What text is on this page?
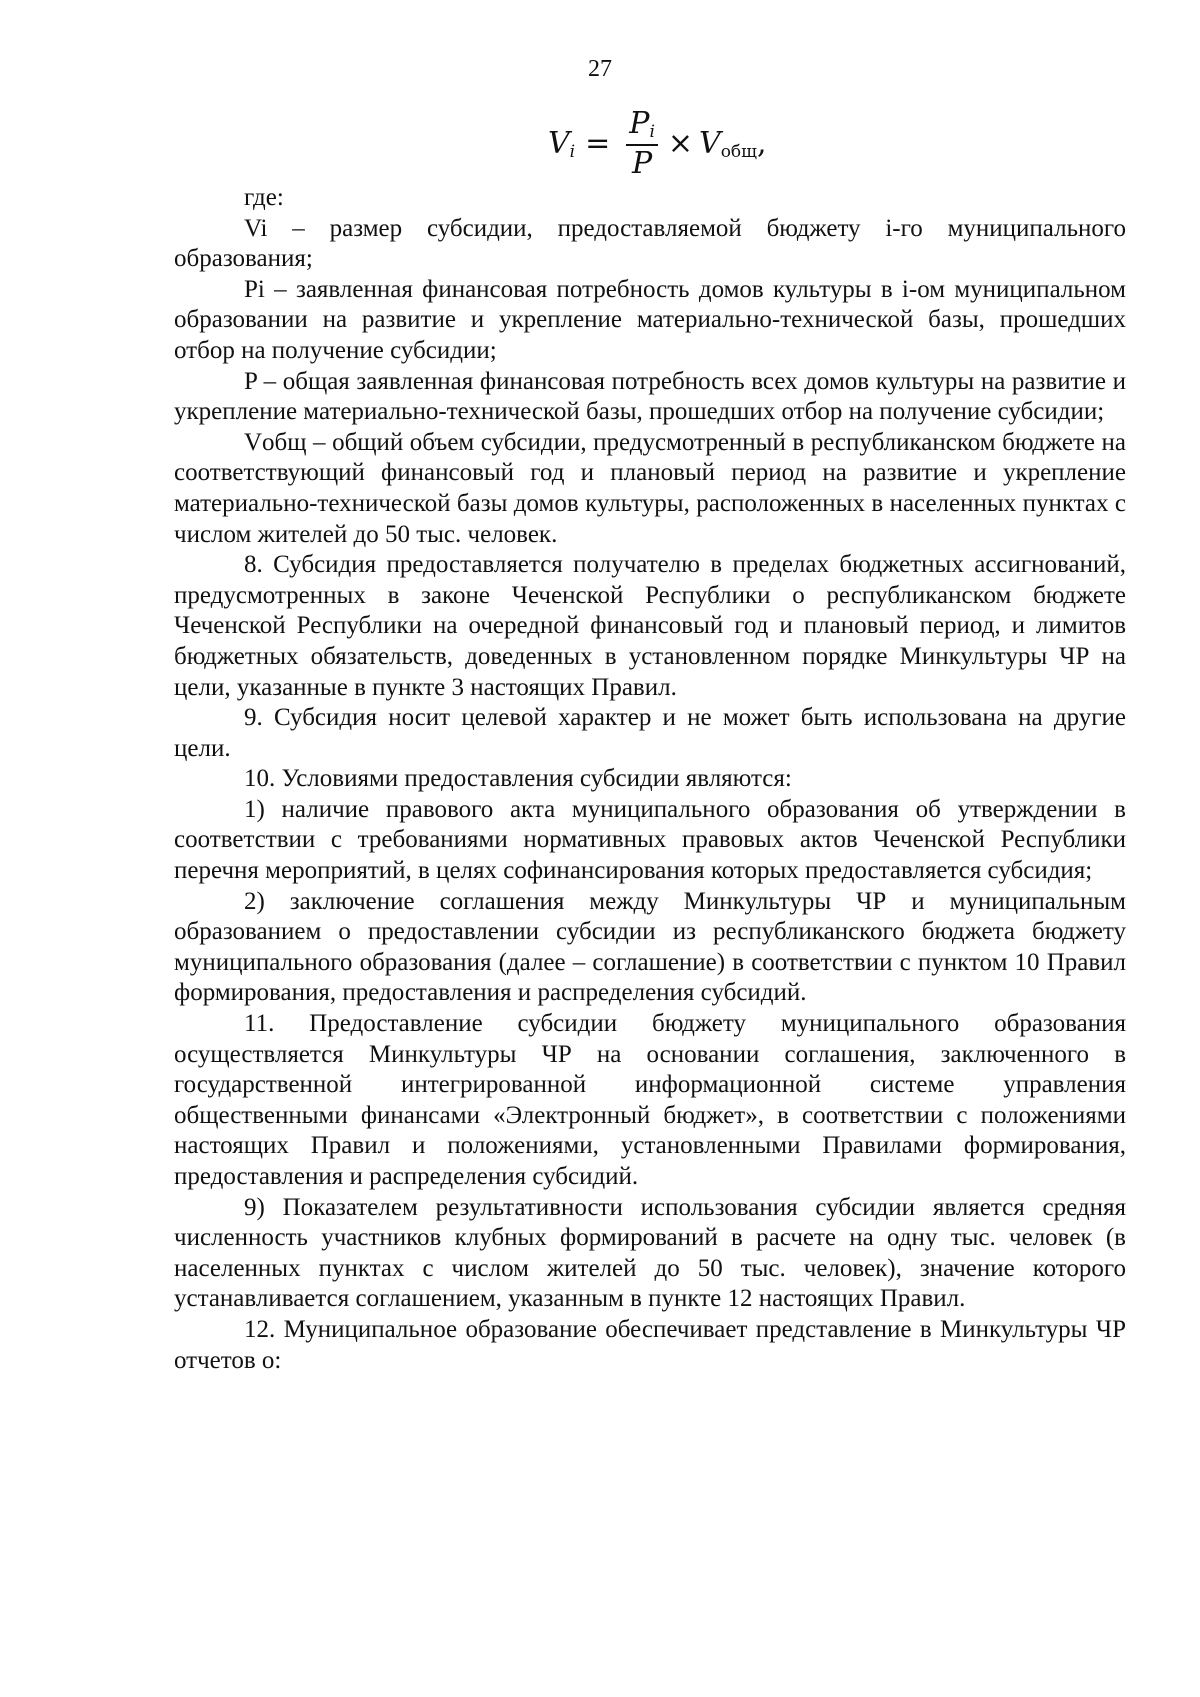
27
$V_i = \frac{P_i}{P} \times V_{общ}$ ,

где:

Vi – размер субсидии, предоставляемой бюджету i-го муниципального образования;

Pi – заявленная финансовая потребность домов культуры в i-ом муниципальном образовании на развитие и укрепление материально-технической базы, прошедших отбор на получение субсидии;

P – общая заявленная финансовая потребность всех домов культуры на развитие и укрепление материально-технической базы, прошедших отбор на получение субсидии;

Vобщ – общий объем субсидии, предусмотренный в республиканском бюджете на соответствующий финансовый год и плановый период на развитие и укрепление материально-технической базы домов культуры, расположенных в населенных пунктах с числом жителей до 50 тыс. человек.

8. Субсидия предоставляется получателю в пределах бюджетных ассигнований, предусмотренных в законе Чеченской Республики о республиканском бюджете Чеченской Республики на очередной финансовый год и плановый период, и лимитов бюджетных обязательств, доведенных в установленном порядке Минкультуры ЧР на цели, указанные в пункте 3 настоящих Правил.

9. Субсидия носит целевой характер и не может быть использована на другие цели.

10. Условиями предоставления субсидии являются:

1) наличие правового акта муниципального образования об утверждении в соответствии с требованиями нормативных правовых актов Чеченской Республики перечня мероприятий, в целях софинансирования которых предоставляется субсидия;

2) заключение соглашения между Минкультуры ЧР и муниципальным образованием о предоставлении субсидии из республиканского бюджета бюджету муниципального образования (далее – соглашение) в соответствии с пунктом 10 Правил формирования, предоставления и распределения субсидий.

11. Предоставление субсидии бюджету муниципального образования осуществляется Минкультуры ЧР на основании соглашения, заключенного в государственной интегрированной информационной системе управления общественными финансами «Электронный бюджет», в соответствии с положениями настоящих Правил и положениями, установленными Правилами формирования, предоставления и распределения субсидий.

9) Показателем результативности использования субсидии является средняя численность участников клубных формирований в расчете на одну тыс. человек (в населенных пунктах с числом жителей до 50 тыс. человек), значение которого устанавливается соглашением, указанным в пункте 12 настоящих Правил.

12. Муниципальное образование обеспечивает представление в Минкультуры ЧР отчетов о:
